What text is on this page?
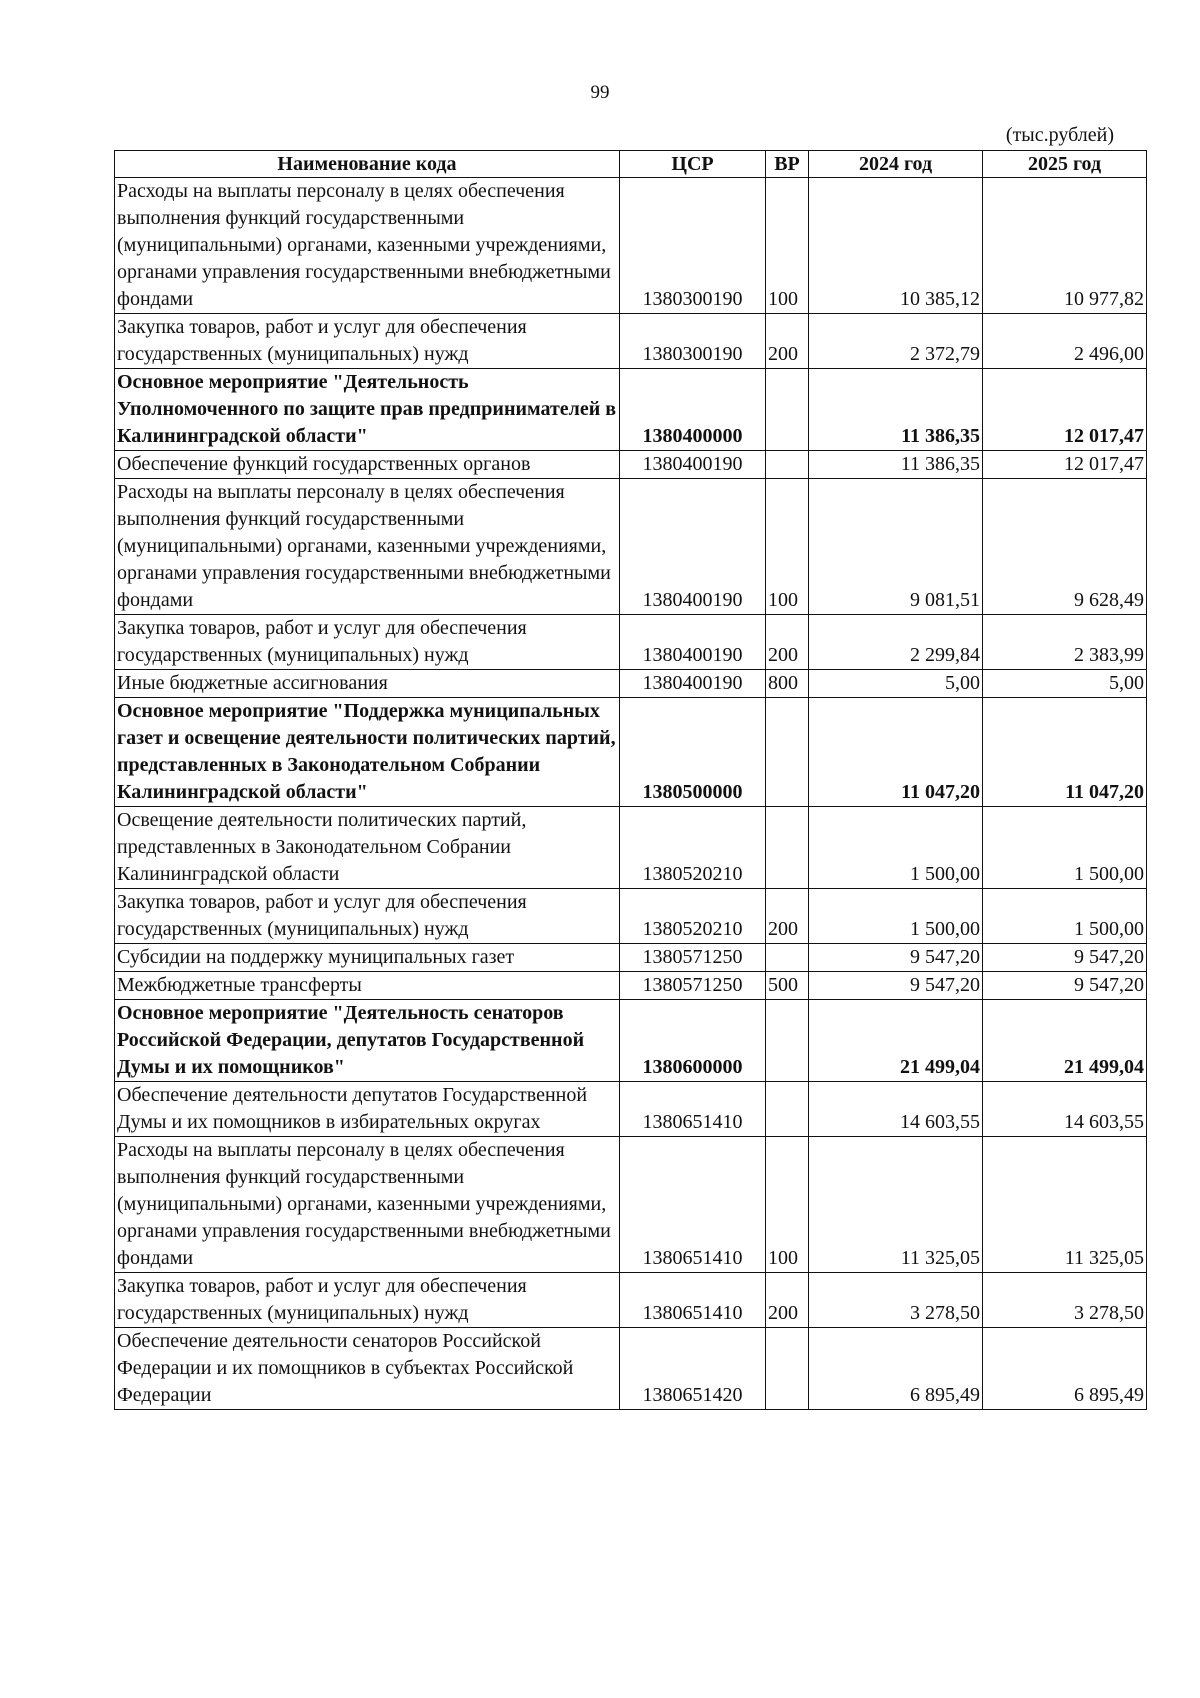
99
(тыс.рублей)
Наименование кода	ЦСР	ВР	2024 год	2025 год
Расходы на выплаты персоналу в целях обеспечения выполнения функций государственными (муниципальными) органами, казенными учреждениями, органами управления государственными внебюджетными фондами	1380300190	100	10 385,12	10 977,82
Закупка товаров, работ и услуг для обеспечения государственных (муниципальных) нужд	1380300190	200	2 372,79	2 496,00
Основное мероприятие "Деятельность Уполномоченного по защите прав предпринимателей в Калининградской области"	1380400000		11 386,35	12 017,47
Обеспечение функций государственных органов	1380400190		11 386,35	12 017,47
Расходы на выплаты персоналу в целях обеспечения выполнения функций государственными (муниципальными) органами, казенными учреждениями, органами управления государственными внебюджетными фондами	1380400190	100	9 081,51	9 628,49
Закупка товаров, работ и услуг для обеспечения государственных (муниципальных) нужд	1380400190	200	2 299,84	2 383,99
Иные бюджетные ассигнования	1380400190	800	5,00	5,00
Основное мероприятие "Поддержка муниципальных газет и освещение деятельности политических партий, представленных в Законодательном Собрании Калининградской области"	1380500000		11 047,20	11 047,20
Освещение деятельности политических партий, представленных в Законодательном Собрании Калининградской области	1380520210		1 500,00	1 500,00
Закупка товаров, работ и услуг для обеспечения государственных (муниципальных) нужд	1380520210	200	1 500,00	1 500,00
Субсидии на поддержку муниципальных газет	1380571250		9 547,20	9 547,20
Межбюджетные трансферты	1380571250	500	9 547,20	9 547,20
Основное мероприятие "Деятельность сенаторов Российской Федерации, депутатов Государственной Думы и их помощников"	1380600000		21 499,04	21 499,04
Обеспечение деятельности депутатов Государственной Думы и их помощников в избирательных округах	1380651410		14 603,55	14 603,55
Расходы на выплаты персоналу в целях обеспечения выполнения функций государственными (муниципальными) органами, казенными учреждениями, органами управления государственными внебюджетными фондами	1380651410	100	11 325,05	11 325,05
Закупка товаров, работ и услуг для обеспечения государственных (муниципальных) нужд	1380651410	200	3 278,50	3 278,50
Обеспечение деятельности сенаторов Российской Федерации и их помощников в субъектах Российской Федерации	1380651420		6 895,49	6 895,49
